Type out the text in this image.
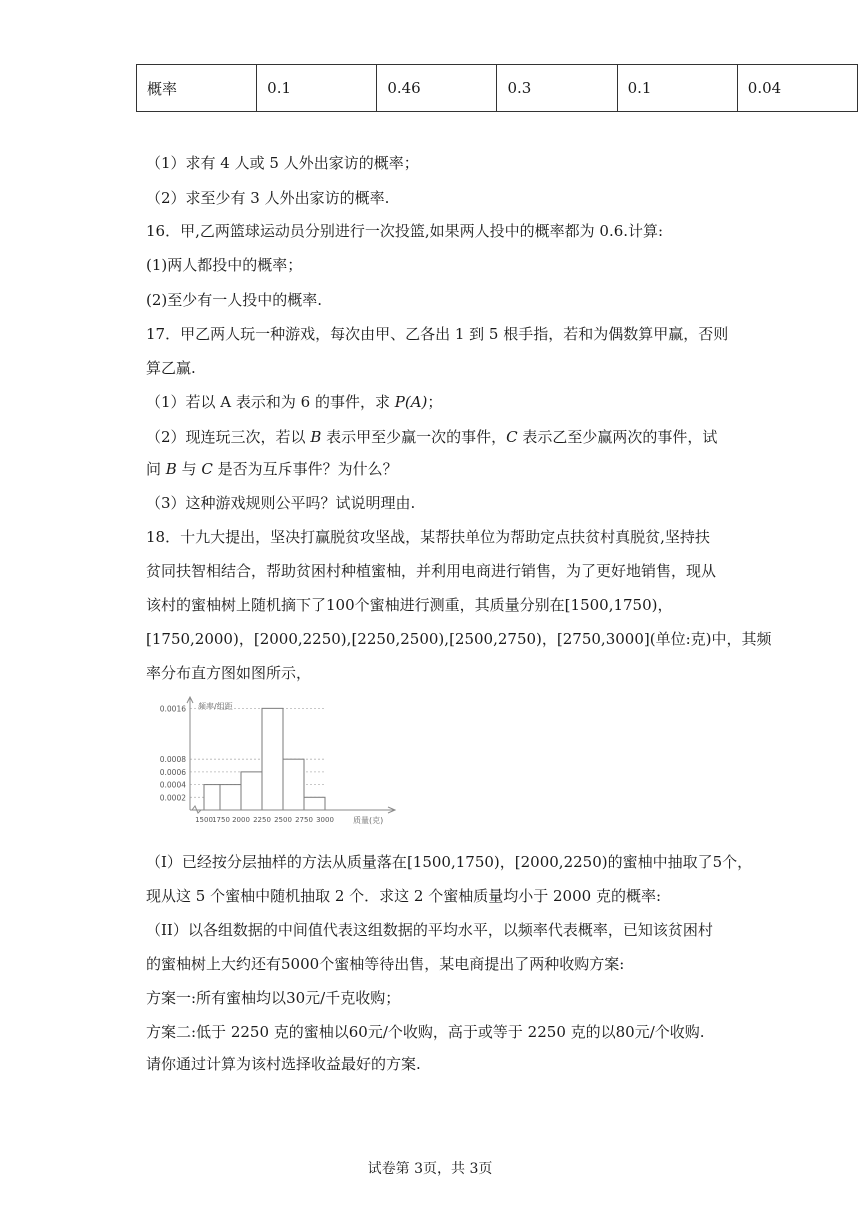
概率	0.1	0.46	0.3	0.1	0.04
（1）求有 4 人或 5 人外出家访的概率；
（2）求至少有 3 人外出家访的概率.
16．甲,乙两篮球运动员分别进行一次投篮,如果两人投中的概率都为 0.6.计算:
(1)两人都投中的概率；
(2)至少有一人投中的概率.
17．甲乙两人玩一种游戏，每次由甲、乙各出 1 到 5 根手指，若和为偶数算甲赢，否则
算乙赢.
（1）若以 A 表示和为 6 的事件，求 P(A)；
（2）现连玩三次，若以 B 表示甲至少赢一次的事件，C 表示乙至少赢两次的事件，试
问 B 与 C 是否为互斥事件？为什么？
（3）这种游戏规则公平吗？试说明理由.
18．十九大提出，坚决打赢脱贫攻坚战，某帮扶单位为帮助定点扶贫村真脱贫,坚持扶
贫同扶智相结合，帮助贫困村种植蜜柚，并利用电商进行销售，为了更好地销售，现从
该村的蜜柚树上随机摘下了100个蜜柚进行测重，其质量分别在[1500,1750)，
[1750,2000)，[2000,2250),[2250,2500),[2500,2750)，[2750,3000](单位:克)中，其频
率分布直方图如图所示，
0.0016
0.0008
0.0006
0.0004
0.0002
1500 1750 2000 2250 2500 2750 3000
频率/组距
质量(克)
（I）已经按分层抽样的方法从质量落在[1500,1750)，[2000,2250)的蜜柚中抽取了5个，
现从这 5 个蜜柚中随机抽取 2 个．求这 2 个蜜柚质量均小于 2000 克的概率:
（II）以各组数据的中间值代表这组数据的平均水平，以频率代表概率，已知该贫困村
的蜜柚树上大约还有5000个蜜柚等待出售，某电商提出了两种收购方案:
方案一:所有蜜柚均以30元/千克收购；
方案二:低于 2250 克的蜜柚以60元/个收购，高于或等于 2250 克的以80元/个收购.
请你通过计算为该村选择收益最好的方案.
试卷第 3页，共 3页
